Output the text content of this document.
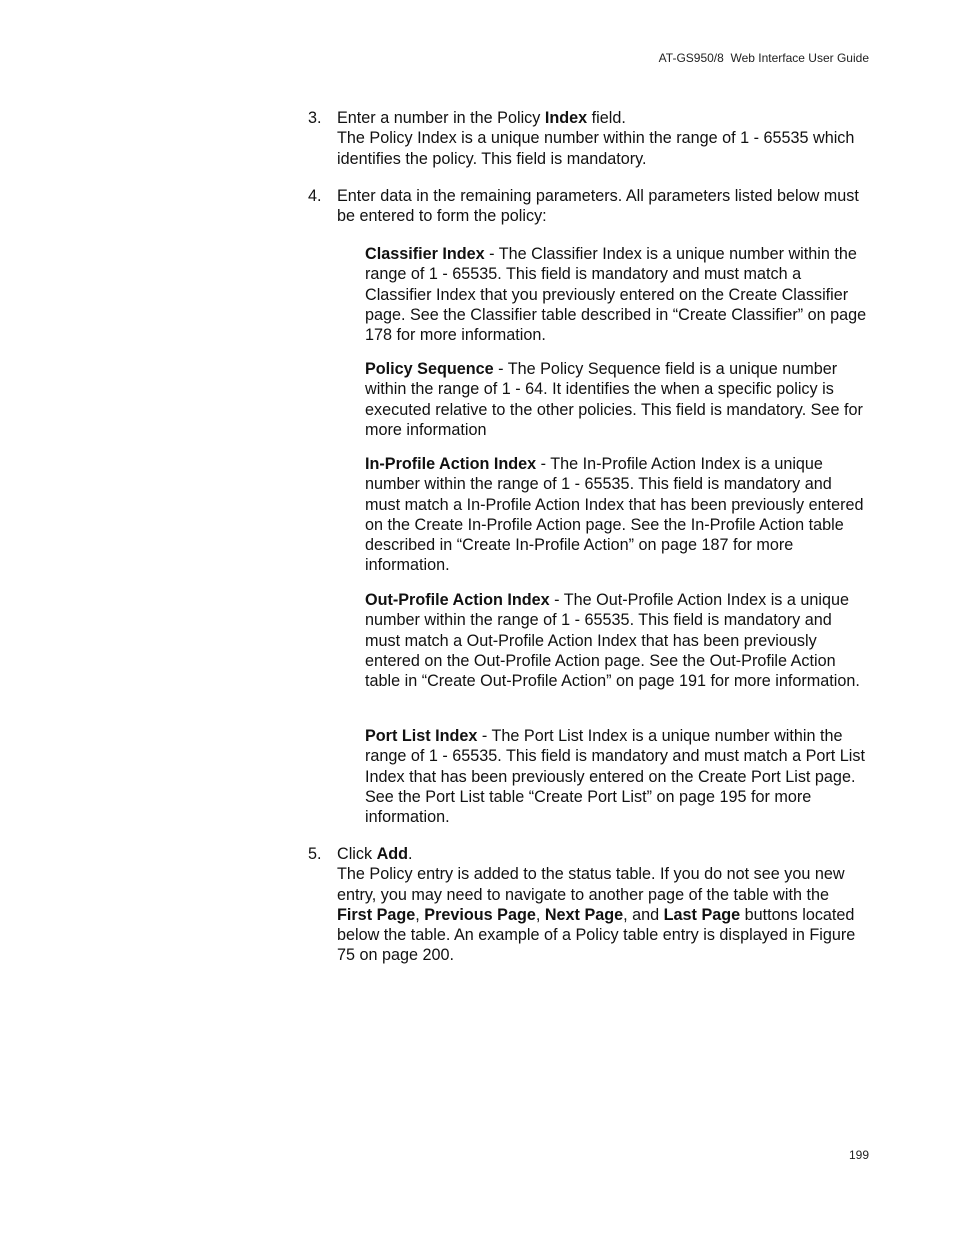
AT-GS950/8  Web Interface User Guide
3. Enter a number in the Policy Index field.
The Policy Index is a unique number within the range of 1 - 65535 which identifies the policy. This field is mandatory.
4. Enter data in the remaining parameters. All parameters listed below must be entered to form the policy:
Classifier Index - The Classifier Index is a unique number within the range of 1 - 65535. This field is mandatory and must match a Classifier Index that you previously entered on the Create Classifier page. See the Classifier table described in “Create Classifier” on page 178 for more information.
Policy Sequence - The Policy Sequence field is a unique number within the range of 1 - 64. It identifies the when a specific policy is executed relative to the other policies. This field is mandatory. See for more information
In-Profile Action Index - The In-Profile Action Index is a unique number within the range of 1 - 65535. This field is mandatory and must match a In-Profile Action Index that has been previously entered on the Create In-Profile Action page. See the In-Profile Action table described in “Create In-Profile Action” on page 187 for more information.
Out-Profile Action Index - The Out-Profile Action Index is a unique number within the range of 1 - 65535. This field is mandatory and must match a Out-Profile Action Index that has been previously entered on the Out-Profile Action page. See the Out-Profile Action table in “Create Out-Profile Action” on page 191 for more information.
Port List Index - The Port List Index is a unique number within the range of 1 - 65535. This field is mandatory and must match a Port List Index that has been previously entered on the Create Port List page. See the Port List table “Create Port List” on page 195 for more information.
5. Click Add.
The Policy entry is added to the status table. If you do not see you new entry, you may need to navigate to another page of the table with the First Page, Previous Page, Next Page, and Last Page buttons located below the table. An example of a Policy table entry is displayed in Figure 75 on page 200.
199
